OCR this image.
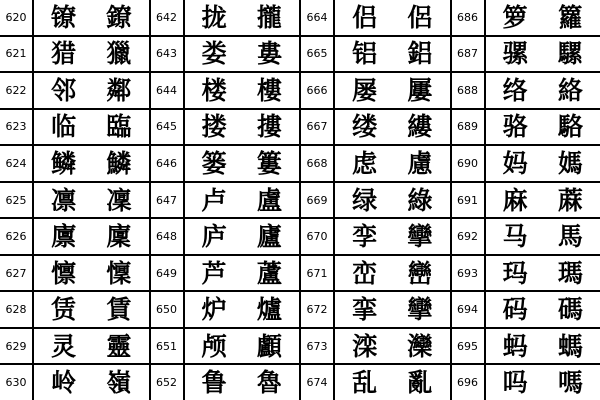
620 镣 鐐
621 猎 獵
622 邻 鄰
623 临 臨
624 鳞 鱗
625 凛 凜
626 廪 廩
627 懔 懍
628 赁 賃
629 灵 靈
630 岭 嶺
642 拢 攏
643 娄 婁
644 楼 樓
645 搂 摟
646 篓 簍
647 卢 盧
648 庐 廬
649 芦 蘆
650 炉 爐
651 颅 顱
652 鲁 魯
664 侣 侶
665 铝 鋁
666 屡 屢
667 缕 縷
668 虑 慮
669 绿 綠
670 孪 攣
671 峦 巒
672 挛 攣
673 滦 灤
674 乱 亂
686 箩 籮
687 骡 騾
688 络 絡
689 骆 駱
690 妈 媽
691 麻 蔴
692 马 馬
693 玛 瑪
694 码 碼
695 蚂 螞
696 吗 嗎
